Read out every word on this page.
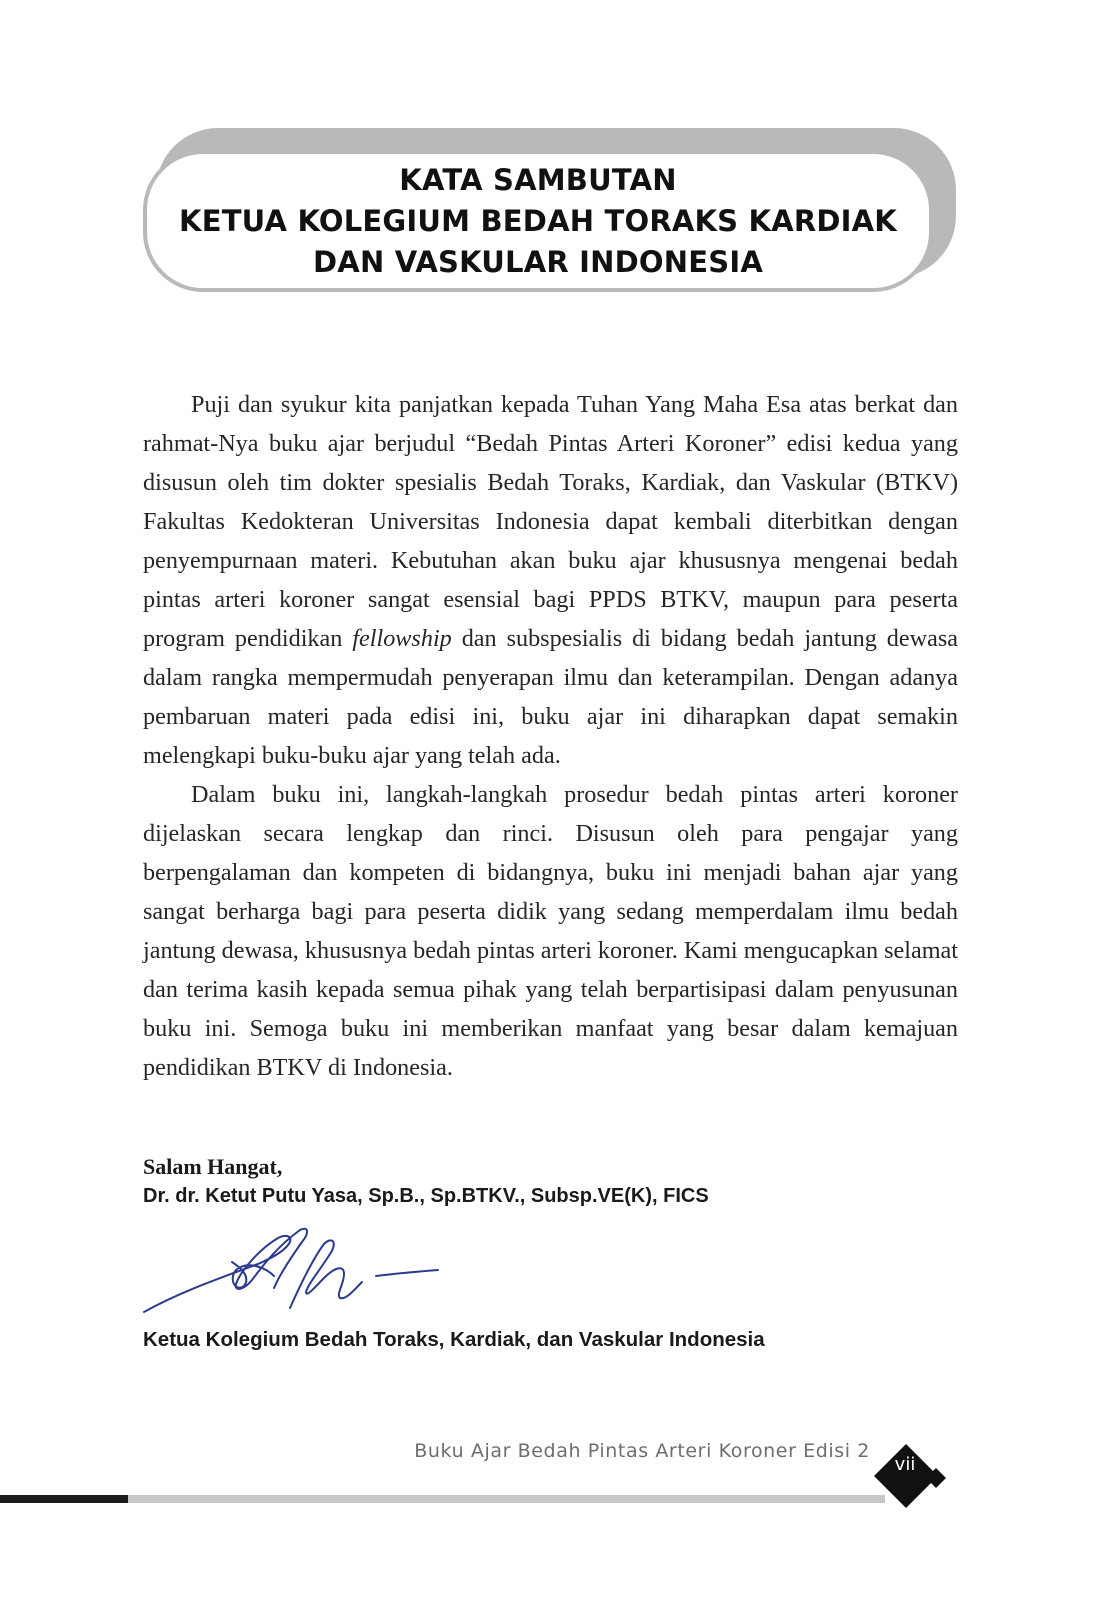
KATA SAMBUTAN
KETUA KOLEGIUM BEDAH TORAKS KARDIAK
DAN VASKULAR INDONESIA

Puji dan syukur kita panjatkan kepada Tuhan Yang Maha Esa atas berkat dan rahmat-Nya buku ajar berjudul “Bedah Pintas Arteri Koroner” edisi kedua yang disusun oleh tim dokter spesialis Bedah Toraks, Kardiak, dan Vaskular (BTKV) Fakultas Kedokteran Universitas Indonesia dapat kembali diterbitkan dengan penyempurnaan materi. Kebutuhan akan buku ajar khususnya mengenai bedah pintas arteri koroner sangat esensial bagi PPDS BTKV, maupun para peserta program pendidikan fellowship dan subspesialis di bidang bedah jantung dewasa dalam rangka mempermudah penyerapan ilmu dan keterampilan. Dengan adanya pembaruan materi pada edisi ini, buku ajar ini diharapkan dapat semakin melengkapi buku-buku ajar yang telah ada.

Dalam buku ini, langkah-langkah prosedur bedah pintas arteri koroner dijelaskan secara lengkap dan rinci. Disusun oleh para pengajar yang berpengalaman dan kompeten di bidangnya, buku ini menjadi bahan ajar yang sangat berharga bagi para peserta didik yang sedang memperdalam ilmu bedah jantung dewasa, khususnya bedah pintas arteri koroner. Kami mengucapkan selamat dan terima kasih kepada semua pihak yang telah berpartisipasi dalam penyusunan buku ini. Semoga buku ini memberikan manfaat yang besar dalam kemajuan pendidikan BTKV di Indonesia.

Salam Hangat,
Dr. dr. Ketut Putu Yasa, Sp.B., Sp.BTKV., Subsp.VE(K), FICS
Ketua Kolegium Bedah Toraks, Kardiak, dan Vaskular Indonesia
Buku Ajar Bedah Pintas Arteri Koroner Edisi 2
vii
